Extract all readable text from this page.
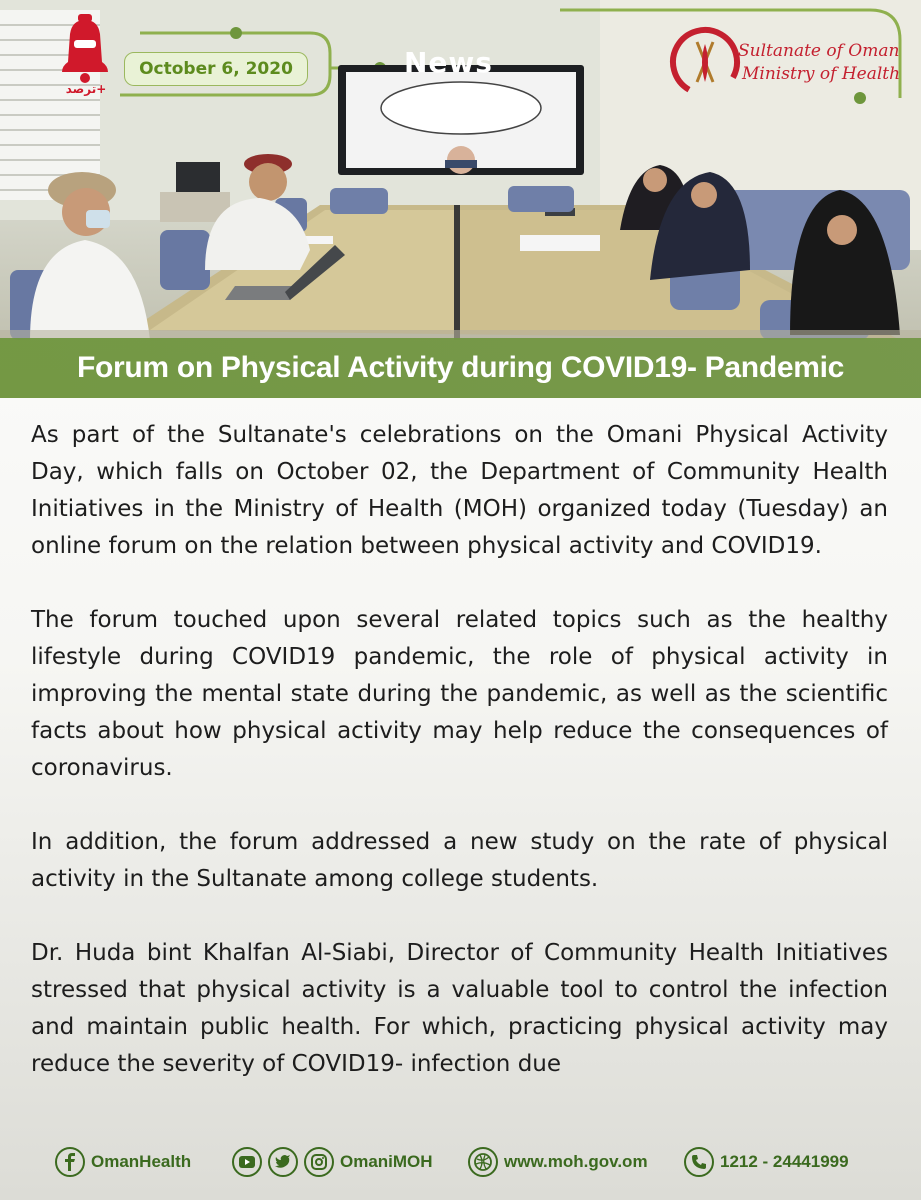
ترصد+
October 6, 2020	News	Sultanate of Oman
Ministry of Health
Forum on Physical Activity during COVID19- Pandemic

As part of the Sultanate's celebrations on the Omani Physical Activity Day, which falls on October 02, the Department of Community Health Initiatives in the Ministry of Health (MOH) organized today (Tuesday) an online forum on the relation between physical activity and COVID19.

The forum touched upon several related topics such as the healthy lifestyle during COVID19 pandemic, the role of physical activity in improving the mental state during the pandemic, as well as the scientific facts about how physical activity may help reduce the consequences of coronavirus.

In addition, the forum addressed a new study on the rate of physical activity in the Sultanate among college students.

Dr. Huda bint Khalfan Al-Siabi, Director of Community Health Initiatives stressed that physical activity is a valuable tool to control the infection and maintain public health. For which, practicing physical activity may reduce the severity of COVID19- infection due

OmanHealth	OmaniMOH	www.moh.gov.om	1212 - 24441999
